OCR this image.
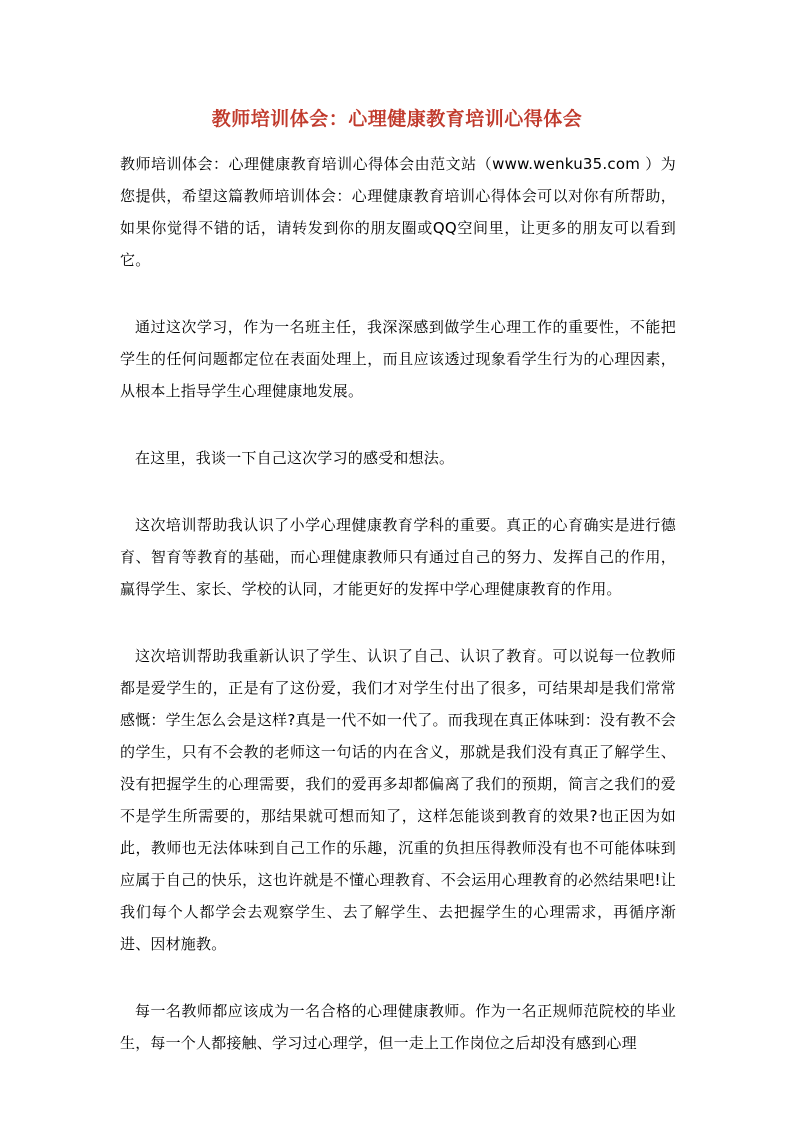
教师培训体会：心理健康教育培训心得体会

教师培训体会：心理健康教育培训心得体会由范文站（www.wenku35.com ）为您提供，希望这篇教师培训体会：心理健康教育培训心得体会可以对你有所帮助，如果你觉得不错的话，请转发到你的朋友圈或QQ空间里，让更多的朋友可以看到它。

通过这次学习，作为一名班主任，我深深感到做学生心理工作的重要性，不能把学生的任何问题都定位在表面处理上，而且应该透过现象看学生行为的心理因素，从根本上指导学生心理健康地发展。

在这里，我谈一下自己这次学习的感受和想法。

这次培训帮助我认识了小学心理健康教育学科的重要。真正的心育确实是进行德育、智育等教育的基础，而心理健康教师只有通过自己的努力、发挥自己的作用，赢得学生、家长、学校的认同，才能更好的发挥中学心理健康教育的作用。

这次培训帮助我重新认识了学生、认识了自己、认识了教育。可以说每一位教师都是爱学生的，正是有了这份爱，我们才对学生付出了很多，可结果却是我们常常感慨：学生怎么会是这样?真是一代不如一代了。而我现在真正体味到：没有教不会的学生，只有不会教的老师这一句话的内在含义，那就是我们没有真正了解学生、没有把握学生的心理需要，我们的爱再多却都偏离了我们的预期，简言之我们的爱不是学生所需要的，那结果就可想而知了，这样怎能谈到教育的效果?也正因为如此，教师也无法体味到自己工作的乐趣，沉重的负担压得教师没有也不可能体味到应属于自己的快乐，这也许就是不懂心理教育、不会运用心理教育的必然结果吧!让我们每个人都学会去观察学生、去了解学生、去把握学生的心理需求，再循序渐进、因材施教。

每一名教师都应该成为一名合格的心理健康教师。作为一名正规师范院校的毕业生，每一个人都接触、学习过心理学，但一走上工作岗位之后却没有感到心理
